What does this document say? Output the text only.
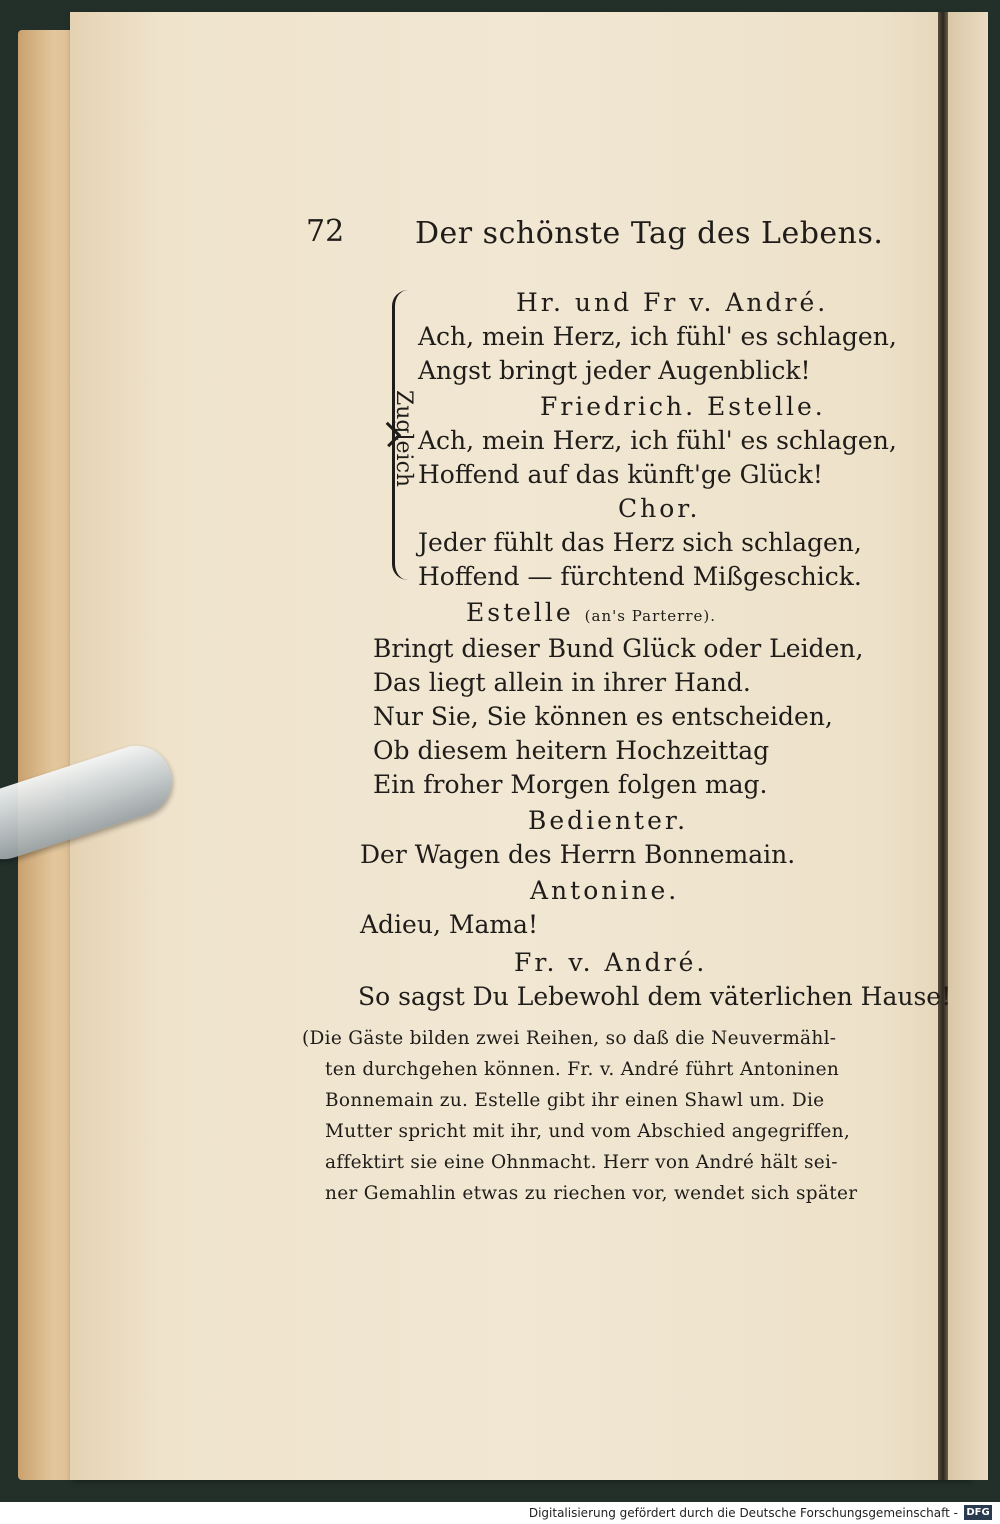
72 Der schönste Tag des Lebens.
Zugleich
Hr. und Fr v. André.
Ach, mein Herz, ich fühl' es schlagen,
Angst bringt jeder Augenblick!
Friedrich. Estelle.
Ach, mein Herz, ich fühl' es schlagen,
Hoffend auf das künft'ge Glück!
Chor.
Jeder fühlt das Herz sich schlagen,
Hoffend — fürchtend Mißgeschick.
Estelle (an's Parterre).
Bringt dieser Bund Glück oder Leiden,
Das liegt allein in ihrer Hand.
Nur Sie, Sie können es entscheiden,
Ob diesem heitern Hochzeittag
Ein froher Morgen folgen mag.
Bedienter.
Der Wagen des Herrn Bonnemain.
Antonine.
Adieu, Mama!
Fr. v. André.
So sagst Du Lebewohl dem väterlichen Hause!
(Die Gäste bilden zwei Reihen, so daß die Neuvermähl-
ten durchgehen können. Fr. v. André führt Antoninen
Bonnemain zu. Estelle gibt ihr einen Shawl um. Die
Mutter spricht mit ihr, und vom Abschied angegriffen,
affektirt sie eine Ohnmacht. Herr von André hält sei-
ner Gemahlin etwas zu riechen vor, wendet sich später
Digitalisierung gefördert durch die Deutsche Forschungsgemeinschaft - DFG
